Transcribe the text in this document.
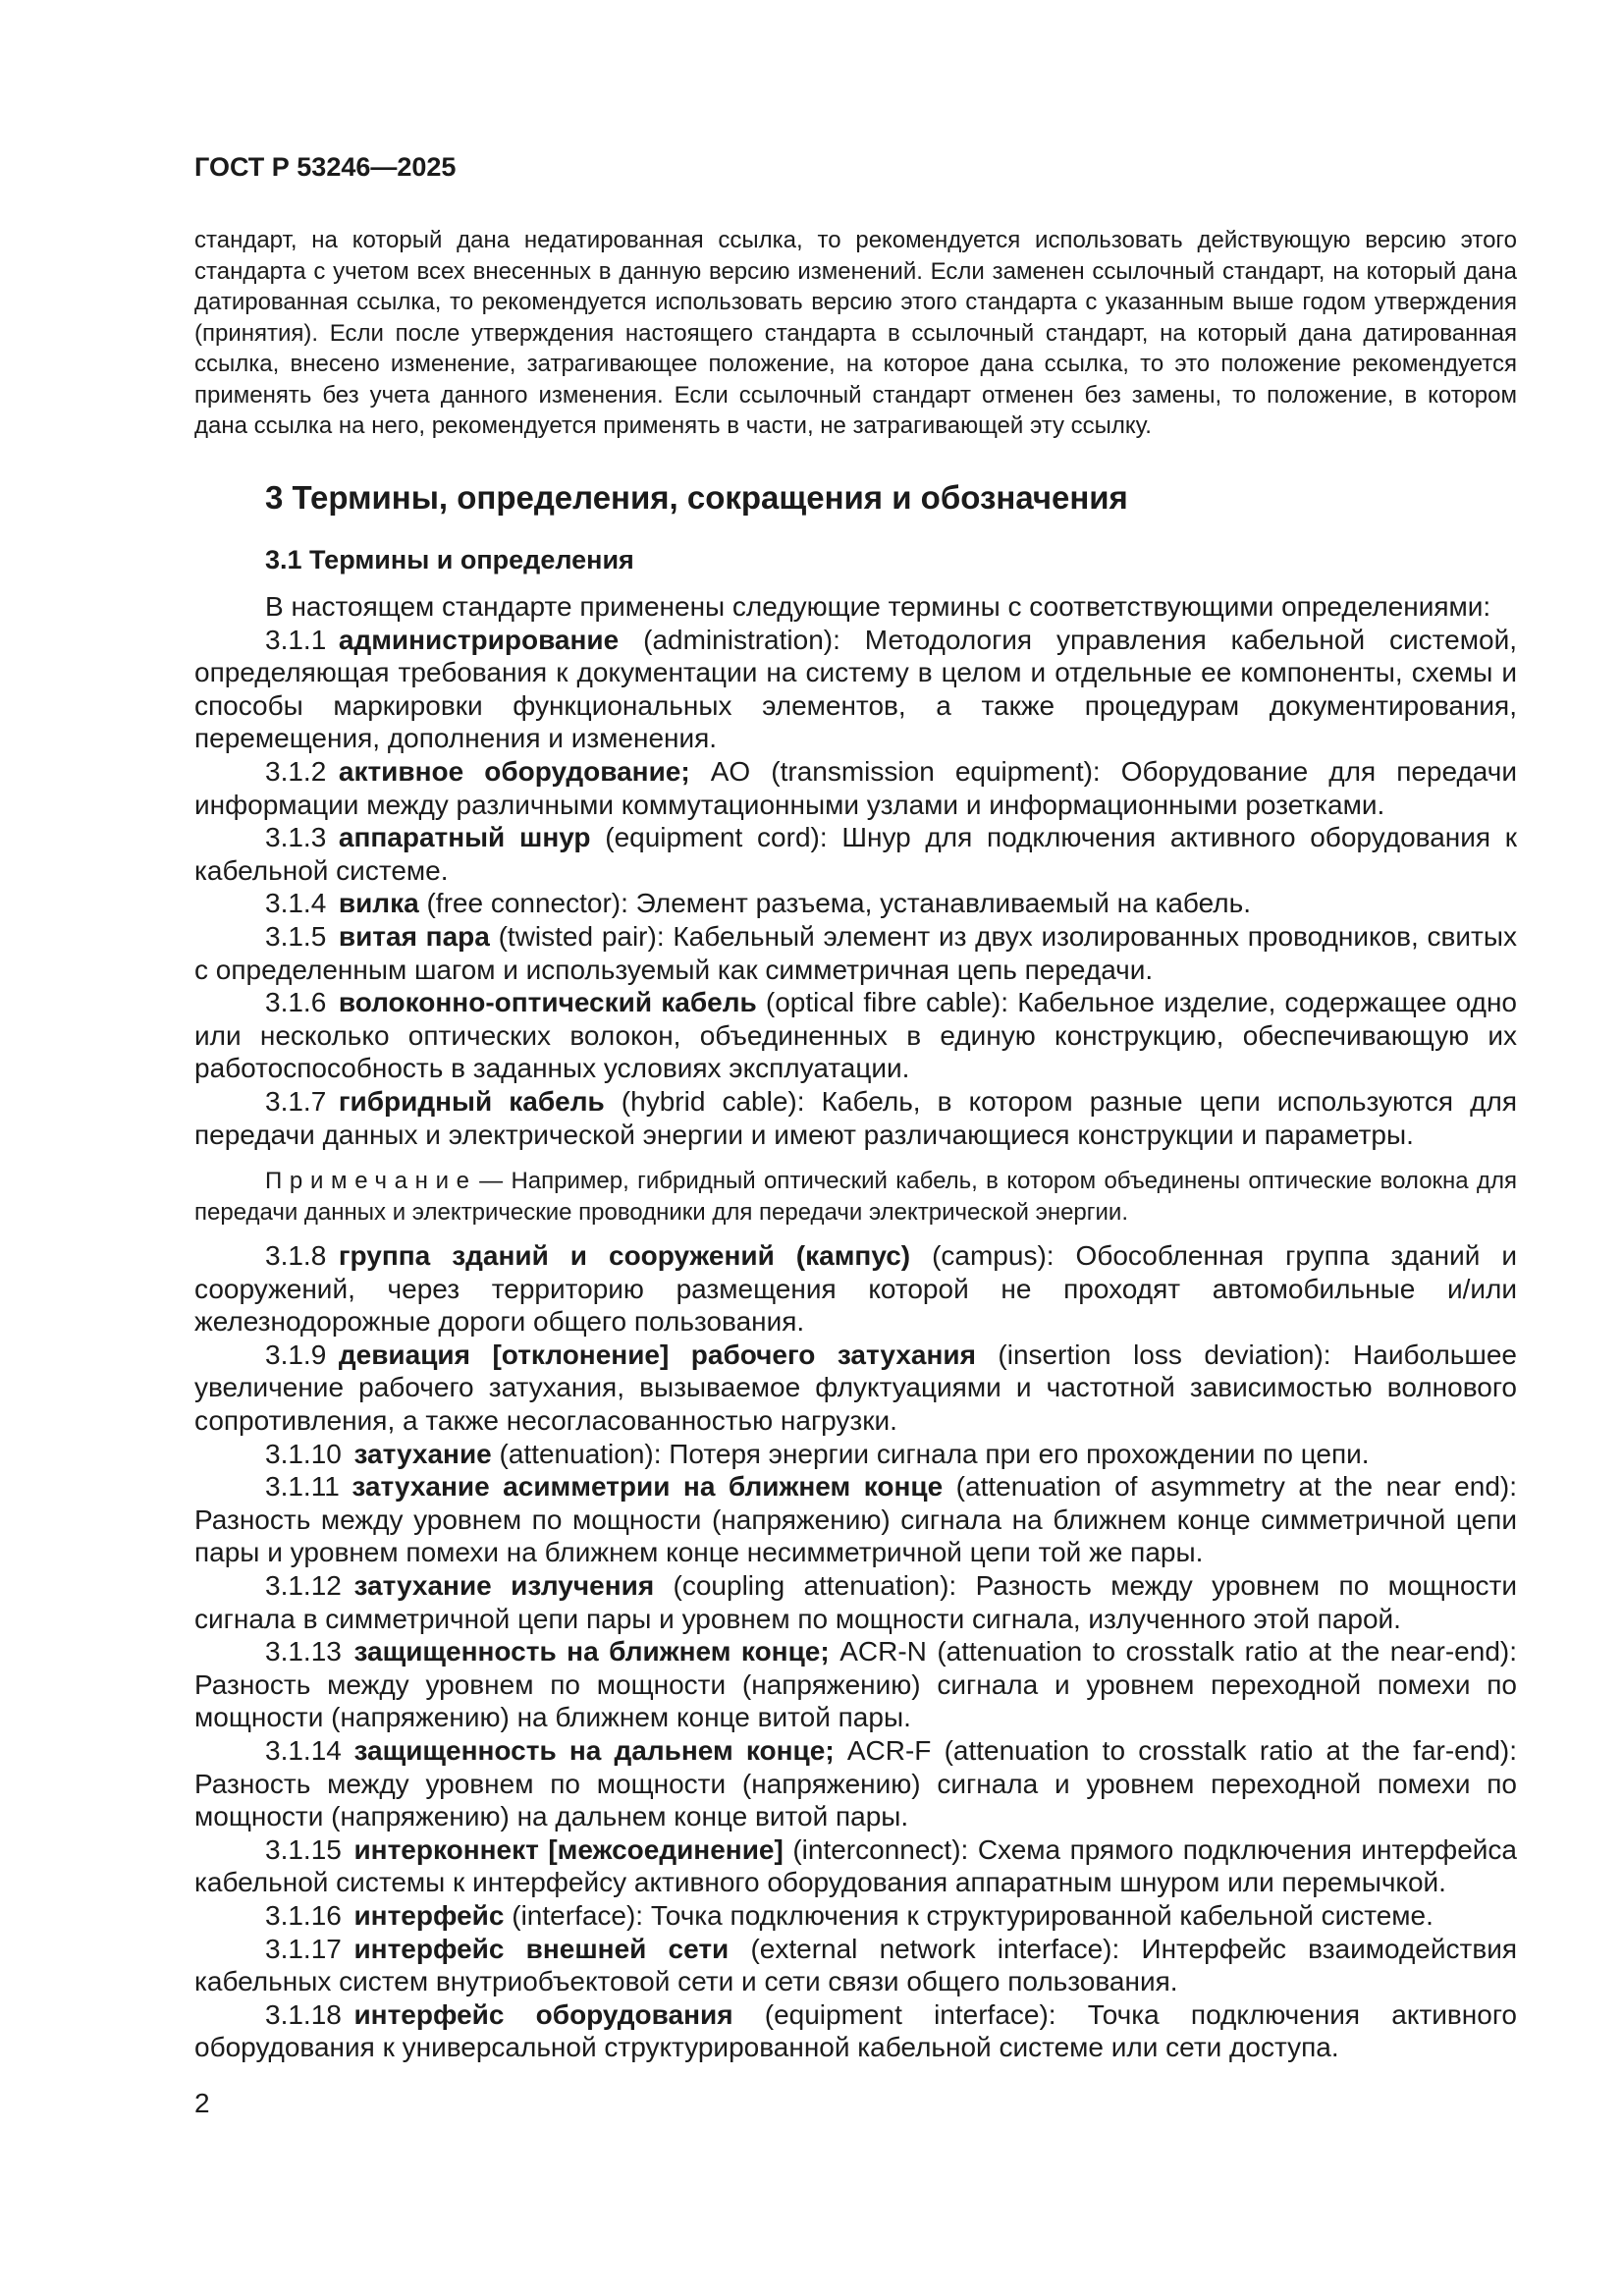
ГОСТ Р 53246—2025

стандарт, на который дана недатированная ссылка, то рекомендуется использовать действующую версию этого стандарта с учетом всех внесенных в данную версию изменений. Если заменен ссылочный стандарт, на который дана датированная ссылка, то рекомендуется использовать версию этого стандарта с указанным выше годом утверждения (принятия). Если после утверждения настоящего стандарта в ссылочный стандарт, на который дана датированная ссылка, внесено изменение, затрагивающее положение, на которое дана ссылка, то это положение рекомендуется применять без учета данного изменения. Если ссылочный стандарт отменен без замены, то положение, в котором дана ссылка на него, рекомендуется применять в части, не затрагивающей эту ссылку.

3 Термины, определения, сокращения и обозначения
3.1 Термины и определения

В настоящем стандарте применены следующие термины с соответствующими определениями:

3.1.1 администрирование (administration): Методология управления кабельной системой, определяющая требования к документации на систему в целом и отдельные ее компоненты, схемы и способы маркировки функциональных элементов, а также процедурам документирования, перемещения, дополнения и изменения.

3.1.2 активное оборудование; AO (transmission equipment): Оборудование для передачи информации между различными коммутационными узлами и информационными розетками.

3.1.3 аппаратный шнур (equipment cord): Шнур для подключения активного оборудования к кабельной системе.

3.1.4 вилка (free connector): Элемент разъема, устанавливаемый на кабель.

3.1.5 витая пара (twisted pair): Кабельный элемент из двух изолированных проводников, свитых с определенным шагом и используемый как симметричная цепь передачи.

3.1.6 волоконно-оптический кабель (optical fibre cable): Кабельное изделие, содержащее одно или несколько оптических волокон, объединенных в единую конструкцию, обеспечивающую их работоспособность в заданных условиях эксплуатации.

3.1.7 гибридный кабель (hybrid cable): Кабель, в котором разные цепи используются для передачи данных и электрической энергии и имеют различающиеся конструкции и параметры.

Примечание— Например, гибридный оптический кабель, в котором объединены оптические волокна для передачи данных и электрические проводники для передачи электрической энергии.

3.1.8 группа зданий и сооружений (кампус) (campus): Обособленная группа зданий и сооружений, через территорию размещения которой не проходят автомобильные и/или железнодорожные дороги общего пользования.

3.1.9 девиация [отклонение] рабочего затухания (insertion loss deviation): Наибольшее увеличение рабочего затухания, вызываемое флуктуациями и частотной зависимостью волнового сопротивления, а также несогласованностью нагрузки.

3.1.10 затухание (attenuation): Потеря энергии сигнала при его прохождении по цепи.

3.1.11 затухание асимметрии на ближнем конце (attenuation of asymmetry at the near end): Разность между уровнем по мощности (напряжению) сигнала на ближнем конце симметричной цепи пары и уровнем помехи на ближнем конце несимметричной цепи той же пары.

3.1.12 затухание излучения (coupling attenuation): Разность между уровнем по мощности сигнала в симметричной цепи пары и уровнем по мощности сигнала, излученного этой парой.

3.1.13 защищенность на ближнем конце; ACR-N (attenuation to crosstalk ratio at the near-end): Разность между уровнем по мощности (напряжению) сигнала и уровнем переходной помехи по мощности (напряжению) на ближнем конце витой пары.

3.1.14 защищенность на дальнем конце; ACR-F (attenuation to crosstalk ratio at the far-end): Разность между уровнем по мощности (напряжению) сигнала и уровнем переходной помехи по мощности (напряжению) на дальнем конце витой пары.

3.1.15 интерконнект [межсоединение] (interconnect): Схема прямого подключения интерфейса кабельной системы к интерфейсу активного оборудования аппаратным шнуром или перемычкой.

3.1.16 интерфейс (interface): Точка подключения к структурированной кабельной системе.

3.1.17 интерфейс внешней сети (external network interface): Интерфейс взаимодействия кабельных систем внутриобъектовой сети и сети связи общего пользования.

3.1.18 интерфейс оборудования (equipment interface): Точка подключения активного оборудования к универсальной структурированной кабельной системе или сети доступа.

2
